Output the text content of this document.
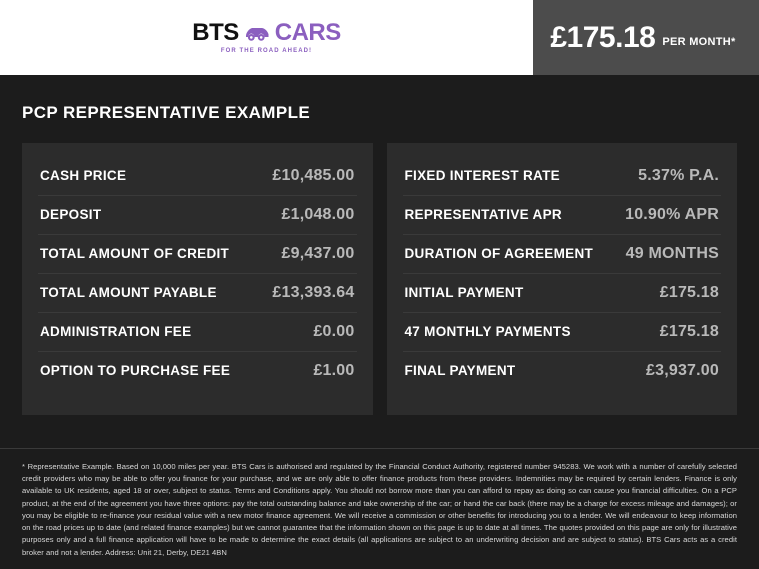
BTS CARS
FOR THE ROAD AHEAD!	£175.18 PER MONTH*
PCP REPRESENTATIVE EXAMPLE
CASH PRICE	£10,485.00
DEPOSIT	£1,048.00
TOTAL AMOUNT OF CREDIT	£9,437.00
TOTAL AMOUNT PAYABLE	£13,393.64
ADMINISTRATION FEE	£0.00
OPTION TO PURCHASE FEE	£1.00
FIXED INTEREST RATE	5.37% P.A.
REPRESENTATIVE APR	10.90% APR
DURATION OF AGREEMENT 49 MONTHS
INITIAL PAYMENT	£175.18
47 MONTHLY PAYMENTS	£175.18
FINAL PAYMENT	£3,937.00

* Representative Example. Based on 10,000 miles per year. BTS Cars is authorised and regulated by the Financial Conduct Authority, registered number 945283. We work with a number of carefully selected credit providers who may be able to offer you finance for your purchase, and we are only able to offer finance products from these providers. Indemnities may be required by certain lenders. Finance is only available to UK residents, aged 18 or over, subject to status. Terms and Conditions apply. You should not borrow more than you can afford to repay as doing so can cause you financial difficulties. On a PCP product, at the end of the agreement you have three options: pay the total outstanding balance and take ownership of the car; or hand the car back (there may be a charge for excess mileage and damages); or you may be eligible to re-finance your residual value with a new motor finance agreement. We will receive a commission or other benefits for introducing you to a lender. We will endeavour to keep information on the road prices up to date (and related finance examples) but we cannot guarantee that the information shown on this page is up to date at all times. The quotes provided on this page are only for illustrative purposes only and a full finance application will have to be made to determine the exact details (all applications are subject to an underwriting decision and are subject to status). BTS Cars acts as a credit broker and not a lender. Address: Unit 21, Derby, DE21 4BN
